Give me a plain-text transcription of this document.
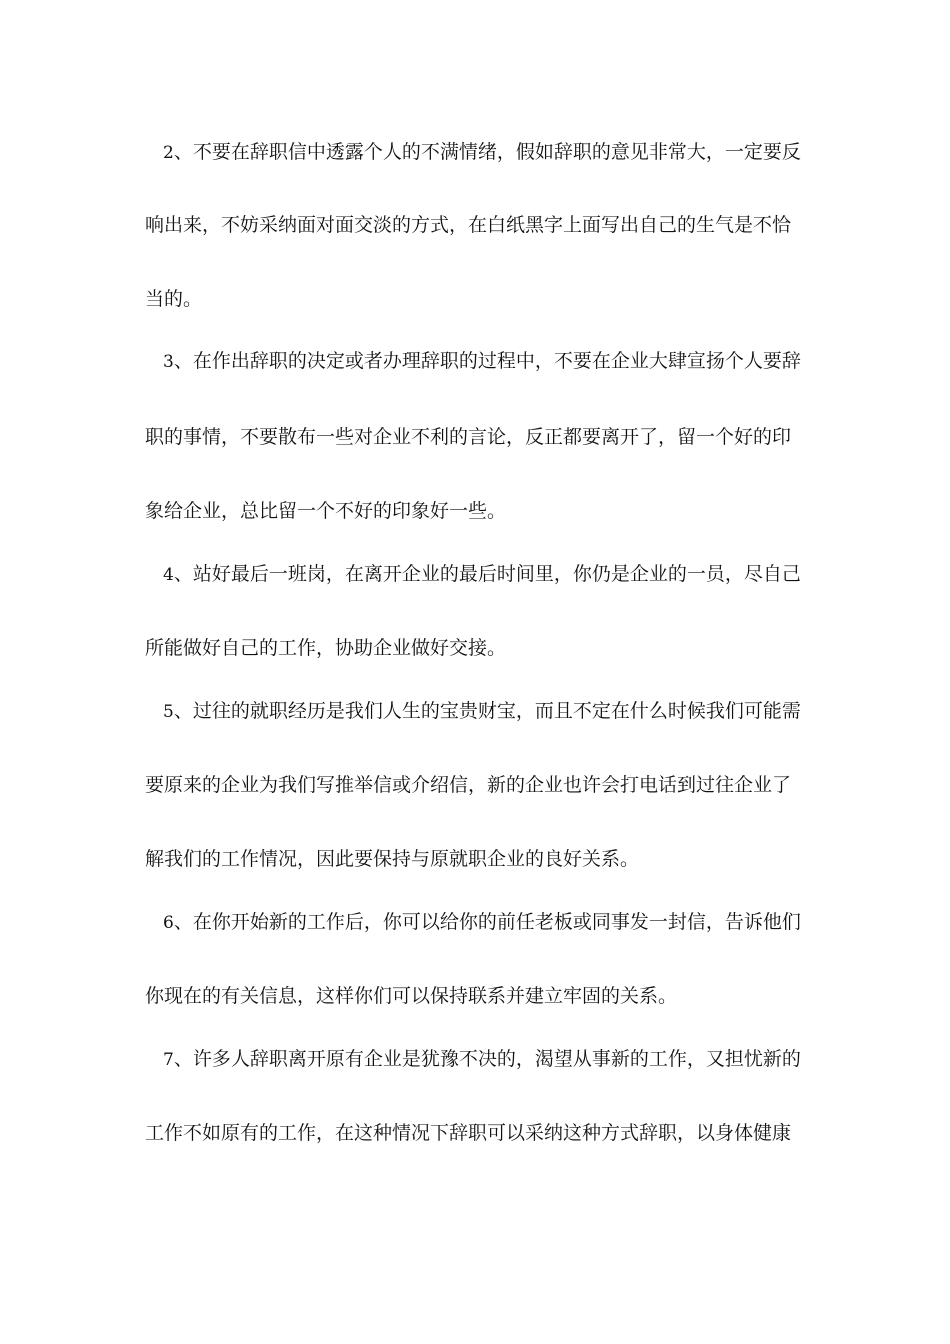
2、不要在辞职信中透露个人的不满情绪，假如辞职的意见非常大，一定要反
响出来，不妨采纳面对面交淡的方式，在白纸黑字上面写出自己的生气是不恰
当的。
3、在作出辞职的决定或者办理辞职的过程中，不要在企业大肆宣扬个人要辞
职的事情，不要散布一些对企业不利的言论，反正都要离开了，留一个好的印
象给企业，总比留一个不好的印象好一些。
4、站好最后一班岗，在离开企业的最后时间里，你仍是企业的一员，尽自己
所能做好自己的工作，协助企业做好交接。
5、过往的就职经历是我们人生的宝贵财宝，而且不定在什么时候我们可能需
要原来的企业为我们写推举信或介绍信，新的企业也许会打电话到过往企业了
解我们的工作情况，因此要保持与原就职企业的良好关系。
6、在你开始新的工作后，你可以给你的前任老板或同事发一封信，告诉他们
你现在的有关信息，这样你们可以保持联系并建立牢固的关系。
7、许多人辞职离开原有企业是犹豫不决的，渴望从事新的工作，又担忧新的
工作不如原有的工作，在这种情况下辞职可以采纳这种方式辞职，以身体健康
